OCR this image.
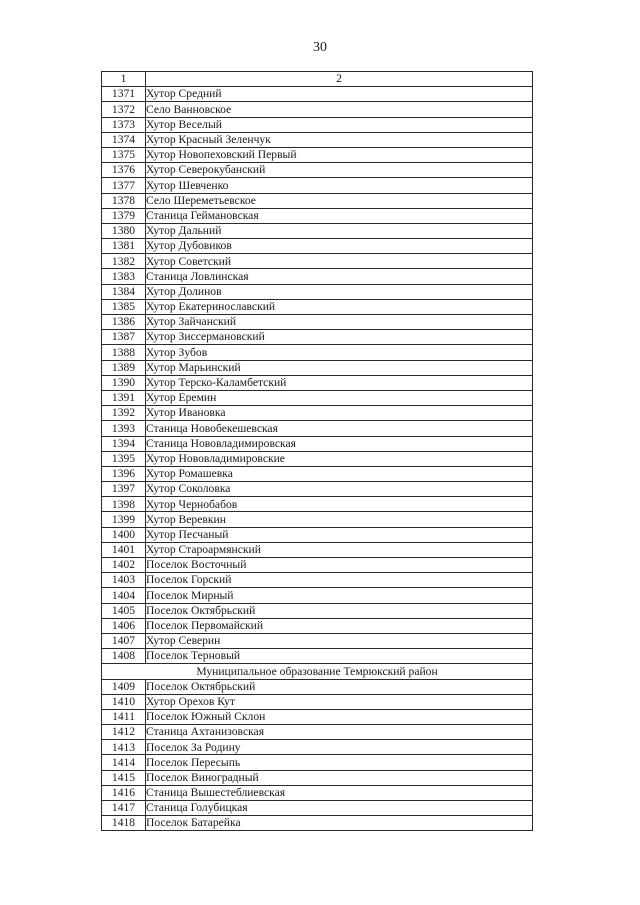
30
1	2
1371	Хутор Средний
1372	Село Ванновское
1373	Хутор Веселый
1374	Хутор Красный Зеленчук
1375	Хутор Новопеховский Первый
1376	Хутор Северокубанский
1377	Хутор Шевченко
1378	Село Шереметьевское
1379	Станица Геймановская
1380	Хутор Дальний
1381	Хутор Дубовиков
1382	Хутор Советский
1383	Станица Ловлинская
1384	Хутор Долинов
1385	Хутор Екатеринославский
1386	Хутор Зайчанский
1387	Хутор Зиссермановский
1388	Хутор Зубов
1389	Хутор Марьинский
1390	Хутор Терско-Каламбетский
1391	Хутор Еремин
1392	Хутор Ивановка
1393	Станица Новобекешевская
1394	Станица Нововладимировская
1395	Хутор Нововладимировские
1396	Хутор Ромашевка
1397	Хутор Соколовка
1398	Хутор Чернобабов
1399	Хутор Веревкин
1400	Хутор Песчаный
1401	Хутор Староармянский
1402	Поселок Восточный
1403	Поселок Горский
1404	Поселок Мирный
1405	Поселок Октябрьский
1406	Поселок Первомайский
1407	Хутор Северин
1408	Поселок Терновый
Муниципальное образование Темрюкский район	
1409	Поселок Октябрьский
1410	Хутор Орехов Кут
1411	Поселок Южный Склон
1412	Станица Ахтанизовская
1413	Поселок За Родину
1414	Поселок Пересыпь
1415	Поселок Виноградный
1416	Станица Вышестеблиевская
1417	Станица Голубицкая
1418	Поселок Батарейка
